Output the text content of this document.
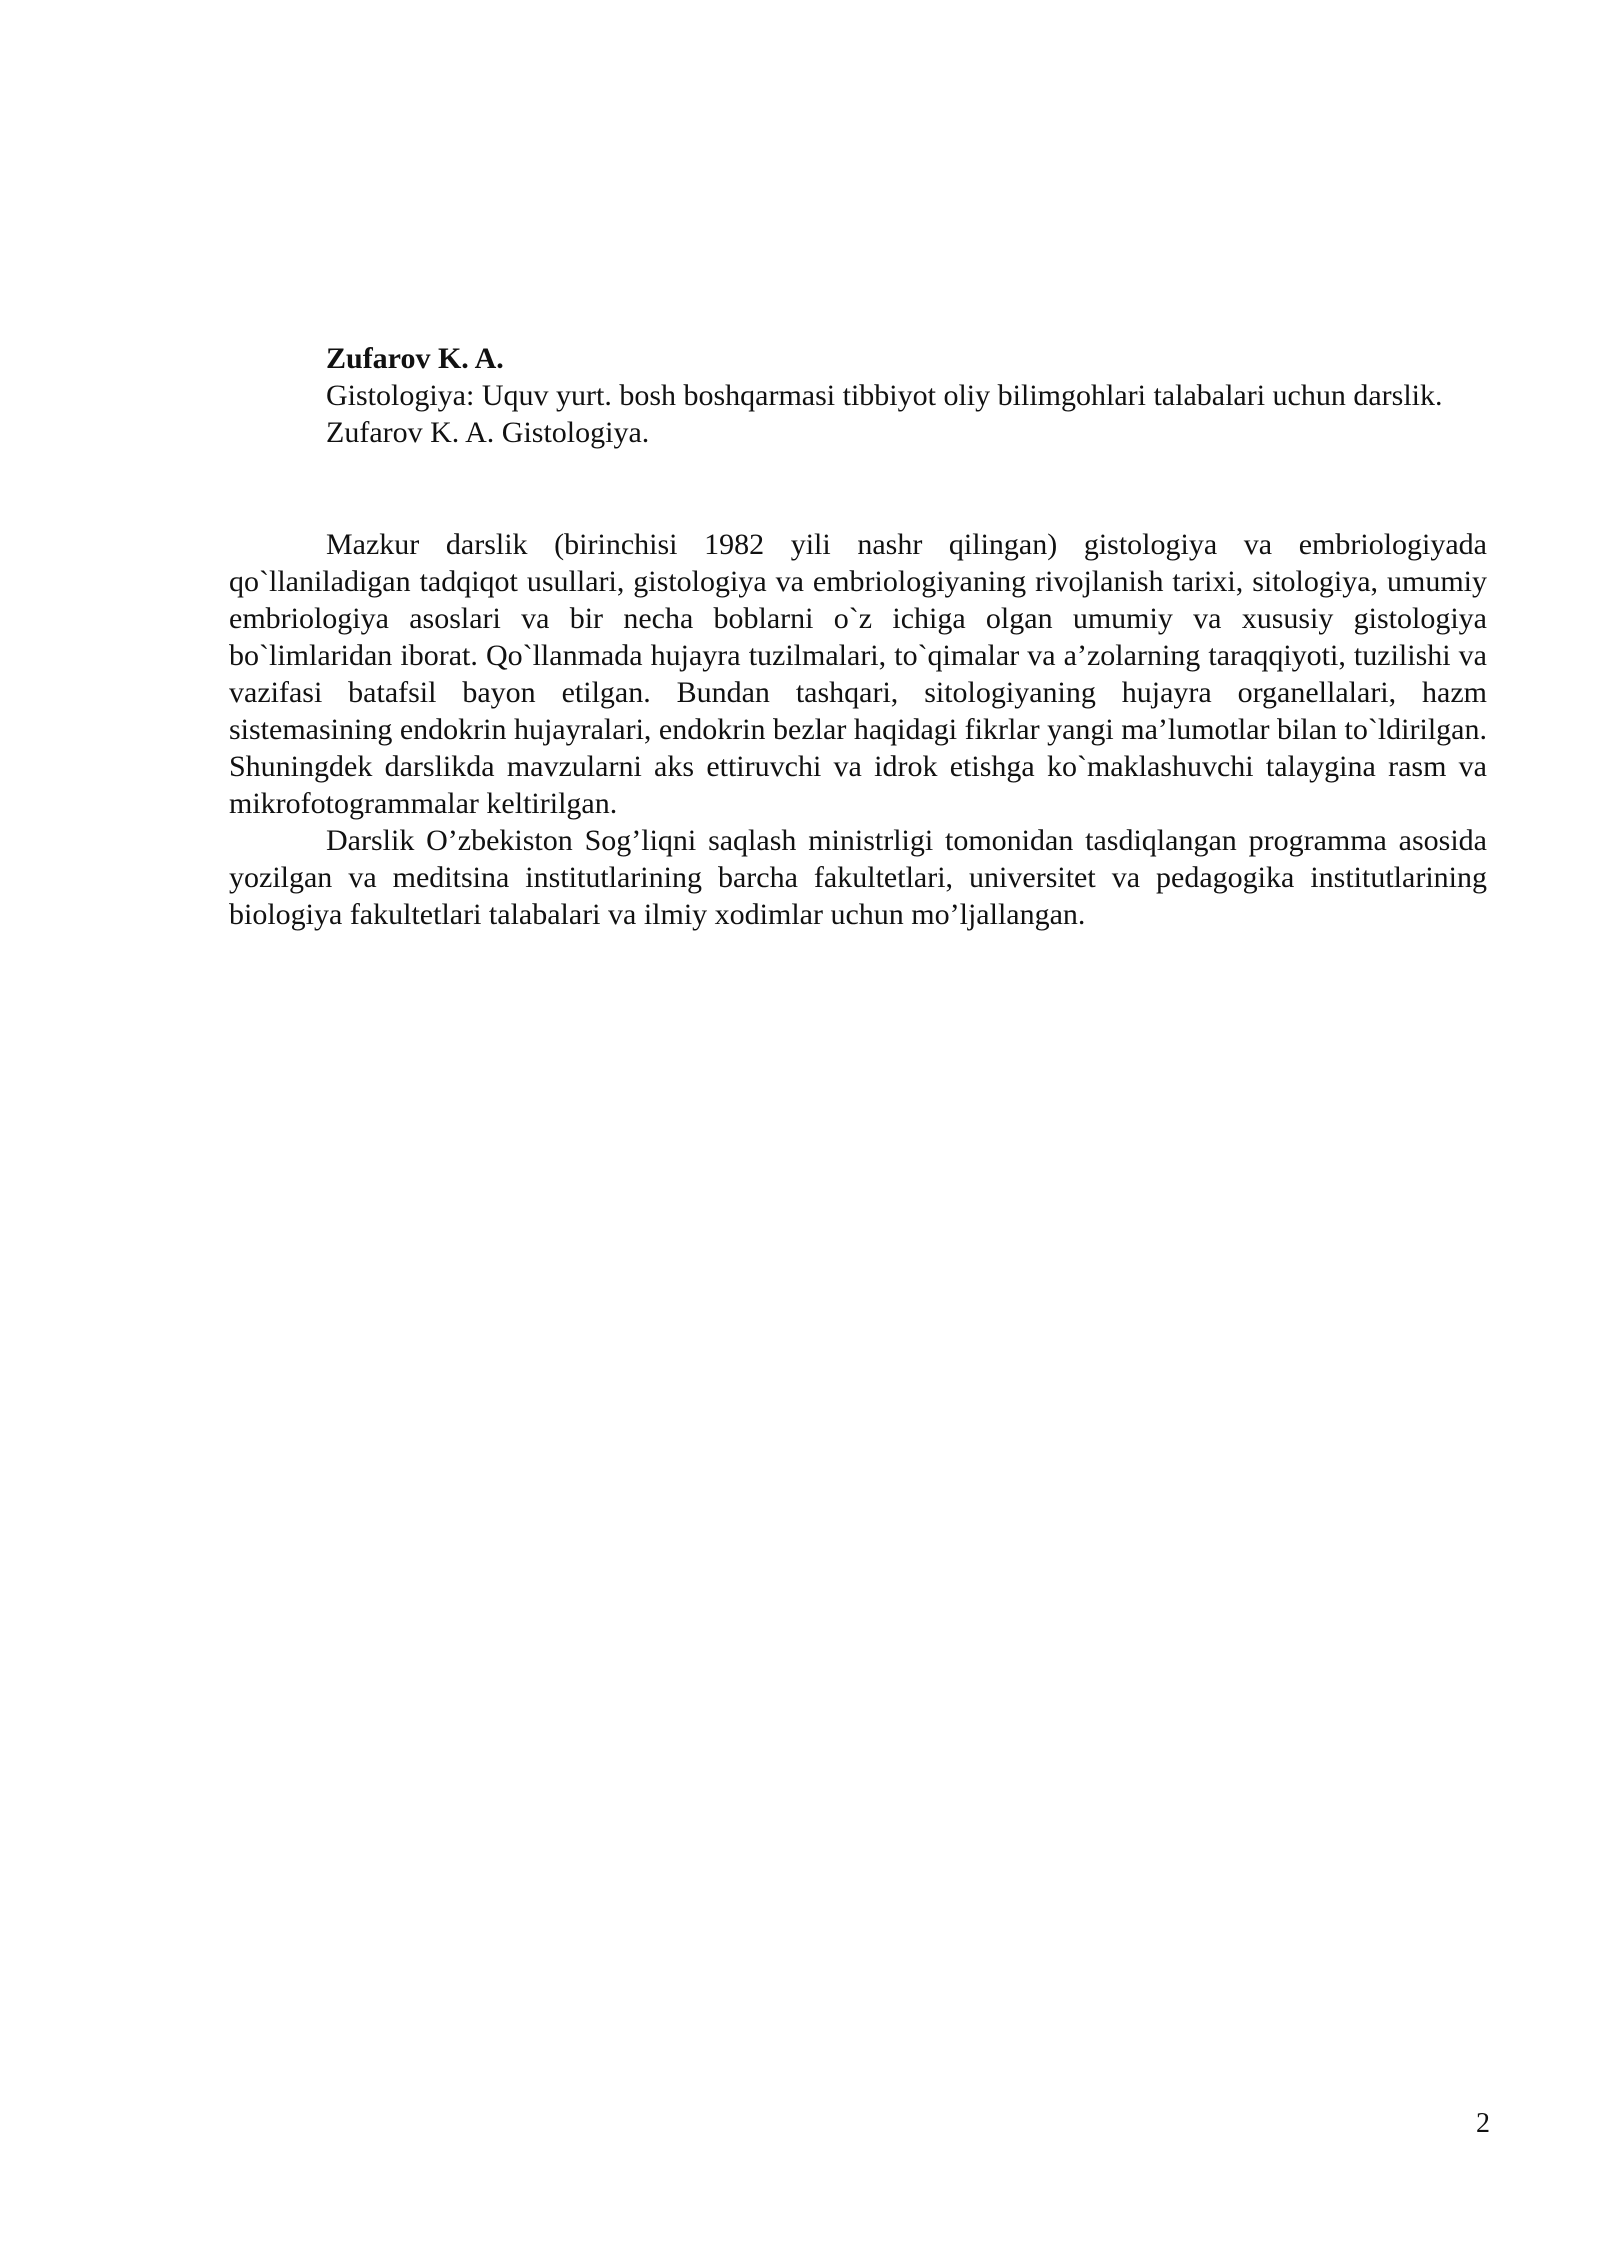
Zufarov K. A.
Gistologiya: Uquv yurt. bosh boshqarmasi tibbiyot oliy bilimgohlari talabalari uchun darslik.
Zufarov K. A. Gistologiya.

Mazkur darslik (birinchisi 1982 yili nashr qilingan) gistologiya va embriologiyada qo`llaniladigan tadqiqot usullari, gistologiya va embriologiyaning rivojlanish tarixi, sitologiya, umumiy embriologiya asoslari va bir necha boblarni o`z ichiga olgan umumiy va xususiy gistologiya bo`limlaridan iborat. Qo`llanmada hujayra tuzilmalari, to`qimalar va a’zolarning taraqqiyoti, tuzilishi va vazifasi batafsil bayon etilgan. Bundan tashqari, sitologiyaning hujayra organellalari, hazm sistemasining endokrin hujayralari, endokrin bezlar haqidagi fikrlar yangi ma’lumotlar bilan to`ldirilgan. Shuningdek darslikda mavzularni aks ettiruvchi va idrok etishga ko`maklashuvchi talaygina rasm va mikrofotogrammalar keltirilgan.

Darslik O’zbekiston Sog’liqni saqlash ministrligi tomonidan tasdiqlangan programma asosida yozilgan va meditsina institutlarining barcha fakultetlari, universitet va pedagogika institutlarining biologiya fakultetlari talabalari va ilmiy xodimlar uchun mo’ljallangan.

2
